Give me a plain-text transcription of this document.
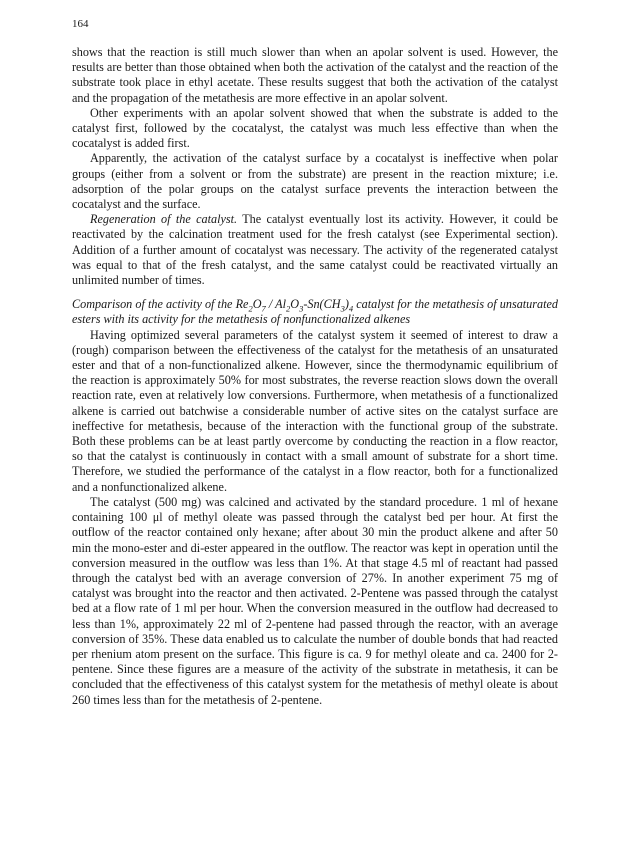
164

shows that the reaction is still much slower than when an apolar solvent is used. However, the results are better than those obtained when both the activation of the catalyst and the reaction of the substrate took place in ethyl acetate. These results suggest that both the activation of the catalyst and the propagation of the metathesis are more effective in an apolar solvent.

Other experiments with an apolar solvent showed that when the substrate is added to the catalyst first, followed by the cocatalyst, the catalyst was much less effective than when the cocatalyst is added first.

Apparently, the activation of the catalyst surface by a cocatalyst is ineffective when polar groups (either from a solvent or from the substrate) are present in the reaction mixture; i.e. adsorption of the polar groups on the catalyst surface prevents the interaction between the cocatalyst and the surface.

Regeneration of the catalyst. The catalyst eventually lost its activity. However, it could be reactivated by the calcination treatment used for the fresh catalyst (see Experimental section). Addition of a further amount of cocatalyst was necessary. The activity of the regenerated catalyst was equal to that of the fresh catalyst, and the same catalyst could be reactivated virtually an unlimited number of times.

Comparison of the activity of the $Re_2O_7 / Al_2O_3-Sn(CH_3)_4$ catalyst for the metathesis of unsaturated esters with its activity for the metathesis of nonfunctionalized alkenes

Having optimized several parameters of the catalyst system it seemed of interest to draw a (rough) comparison between the effectiveness of the catalyst for the metathesis of an unsaturated ester and that of a non-functionalized alkene. However, since the thermodynamic equilibrium of the reaction is approximately 50% for most substrates, the reverse reaction slows down the overall reaction rate, even at relatively low conversions. Furthermore, when metathesis of a functionalized alkene is carried out batchwise a considerable number of active sites on the catalyst surface are ineffective for metathesis, because of the interaction with the functional group of the substrate. Both these problems can be at least partly overcome by conducting the reaction in a flow reactor, so that the catalyst is continuously in contact with a small amount of substrate for a short time. Therefore, we studied the performance of the catalyst in a flow reactor, both for a functionalized and a nonfunctionalized alkene.

The catalyst (500 mg) was calcined and activated by the standard procedure. 1 ml of hexane containing 100 μl of methyl oleate was passed through the catalyst bed per hour. At first the outflow of the reactor contained only hexane; after about 30 min the product alkene and after 50 min the mono-ester and di-ester appeared in the outflow. The reactor was kept in operation until the conversion measured in the outflow was less than 1%. At that stage 4.5 ml of reactant had passed through the catalyst bed with an average conversion of 27%. In another experiment 75 mg of catalyst was brought into the reactor and then activated. 2-Pentene was passed through the catalyst bed at a flow rate of 1 ml per hour. When the conversion measured in the outflow had decreased to less than 1%, approximately 22 ml of 2-pentene had passed through the reactor, with an average conversion of 35%. These data enabled us to calculate the number of double bonds that had reacted per rhenium atom present on the surface. This figure is ca. 9 for methyl oleate and ca. 2400 for 2-pentene. Since these figures are a measure of the activity of the substrate in metathesis, it can be concluded that the effectiveness of this catalyst system for the metathesis of methyl oleate is about 260 times less than for the metathesis of 2-pentene.
